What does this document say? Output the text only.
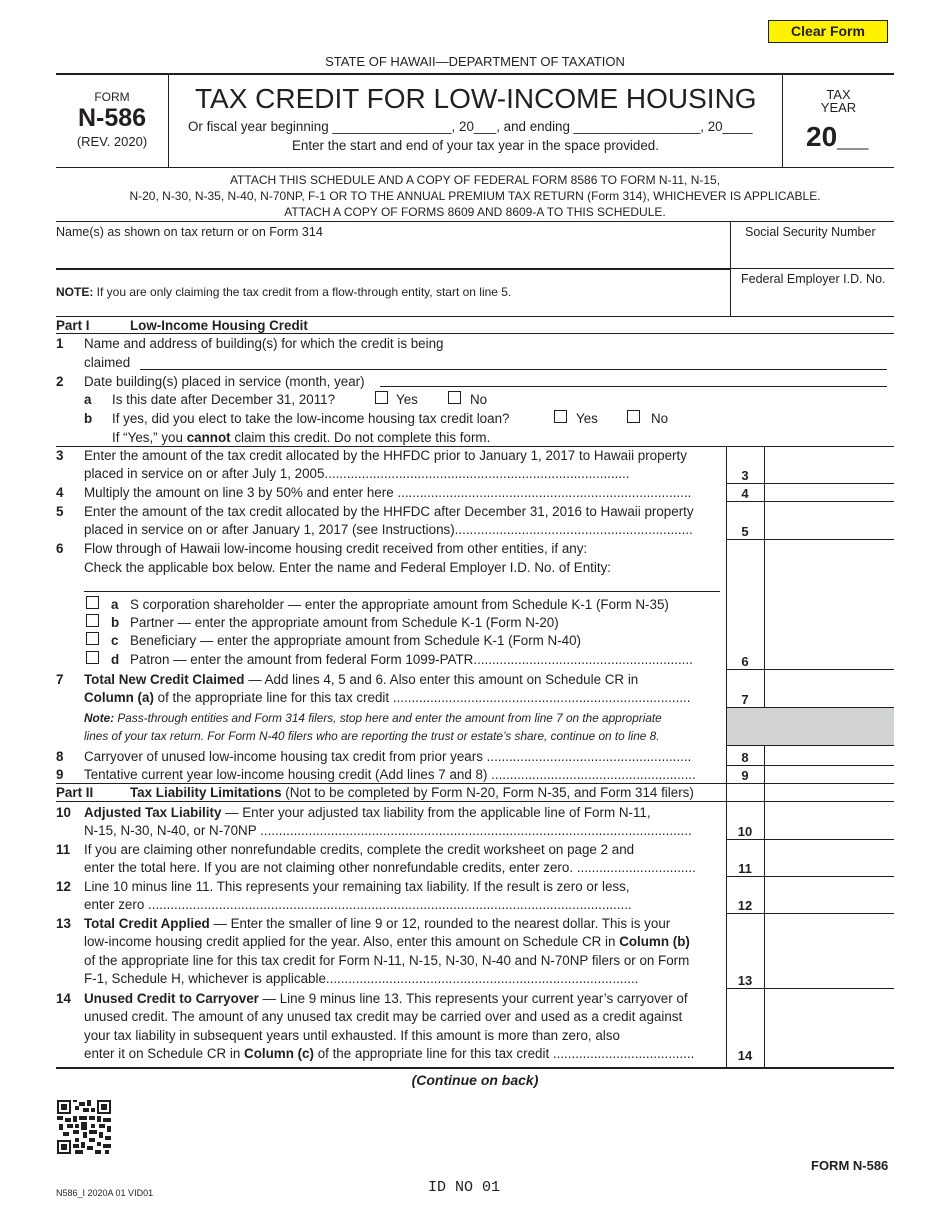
Clear Form
STATE OF HAWAII—DEPARTMENT OF TAXATION
FORM
N-586
(REV. 2020)
TAX CREDIT FOR LOW-INCOME HOUSING
Or fiscal year beginning ________________, 20___, and ending _________________, 20____
Enter the start and end of your tax year in the space provided.
TAX
YEAR
20__
ATTACH THIS SCHEDULE AND A COPY OF FEDERAL FORM 8586 TO FORM N-11, N-15,
N-20, N-30, N-35, N-40, N-70NP, F-1 OR TO THE ANNUAL PREMIUM TAX RETURN (Form 314), WHICHEVER IS APPLICABLE.
ATTACH A COPY OF FORMS 8609 AND 8609-A TO THIS SCHEDULE.
Name(s) as shown on tax return or on Form 314	Social Security Number
Federal Employer I.D. No.
NOTE: If you are only claiming the tax credit from a flow-through entity, start on line 5.
Part I	Low-Income Housing Credit
1 Name and address of building(s) for which the credit is being
claimed
2 Date building(s) placed in service (month, year)
a Is this date after December 31, 2011?	Yes	No
b If yes, did you elect to take the low-income housing tax credit loan?	Yes	No
If “Yes,” you cannot claim this credit. Do not complete this form.
3 Enter the amount of the tax credit allocated by the HHFDC prior to January 1, 2017 to Hawaii property
placed in service on or after July 1, 2005..................................................................................	3
4 Multiply the amount on line 3 by 50% and enter here ...............................................................................	4
5 Enter the amount of the tax credit allocated by the HHFDC after December 31, 2016 to Hawaii property
placed in service on or after January 1, 2017 (see Instructions)................................................................	5
6 Flow through of Hawaii low-income housing credit received from other entities, if any:
Check the applicable box below. Enter the name and Federal Employer I.D. No. of Entity:
a S corporation shareholder — enter the appropriate amount from Schedule K-1 (Form N-35)
b Partner — enter the appropriate amount from Schedule K-1 (Form N-20)
c Beneficiary — enter the appropriate amount from Schedule K-1 (Form N-40)
d Patron — enter the amount from federal Form 1099-PATR...........................................................	6
7 Total New Credit Claimed — Add lines 4, 5 and 6. Also enter this amount on Schedule CR in
Column (a) of the appropriate line for this tax credit ................................................................................	7
Note: Pass-through entities and Form 314 filers, stop here and enter the amount from line 7 on the appropriate
lines of your tax return. For Form N-40 filers who are reporting the trust or estate’s share, continue on to line 8.
8 Carryover of unused low-income housing tax credit from prior years .......................................................	8
9 Tentative current year low-income housing credit (Add lines 7 and 8) .......................................................	9
Part II	Tax Liability Limitations (Not to be completed by Form N-20, Form N-35, and Form 314 filers)
10 Adjusted Tax Liability — Enter your adjusted tax liability from the applicable line of Form N-11,
N-15, N-30, N-40, or N-70NP ....................................................................................................................	10
11 If you are claiming other nonrefundable credits, complete the credit worksheet on page 2 and
enter the total here. If you are not claiming other nonrefundable credits, enter zero. ................................	11
12 Line 10 minus line 11. This represents your remaining tax liability. If the result is zero or less,
enter zero ..................................................................................................................................	12
13 Total Credit Applied — Enter the smaller of line 9 or 12, rounded to the nearest dollar. This is your
low-income housing credit applied for the year. Also, enter this amount on Schedule CR in Column (b)
of the appropriate line for this tax credit for Form N-11, N-15, N-30, N-40 and N-70NP filers or on Form
F-1, Schedule H, whichever is applicable....................................................................................	13
14 Unused Credit to Carryover — Line 9 minus line 13. This represents your current year’s carryover of
unused credit. The amount of any unused tax credit may be carried over and used as a credit against
your tax liability in subsequent years until exhausted. If this amount is more than zero, also
enter it on Schedule CR in Column (c) of the appropriate line for this tax credit ......................................	14
(Continue on back)
FORM N-586
N586_I 2020A 01 VID01	ID NO 01
